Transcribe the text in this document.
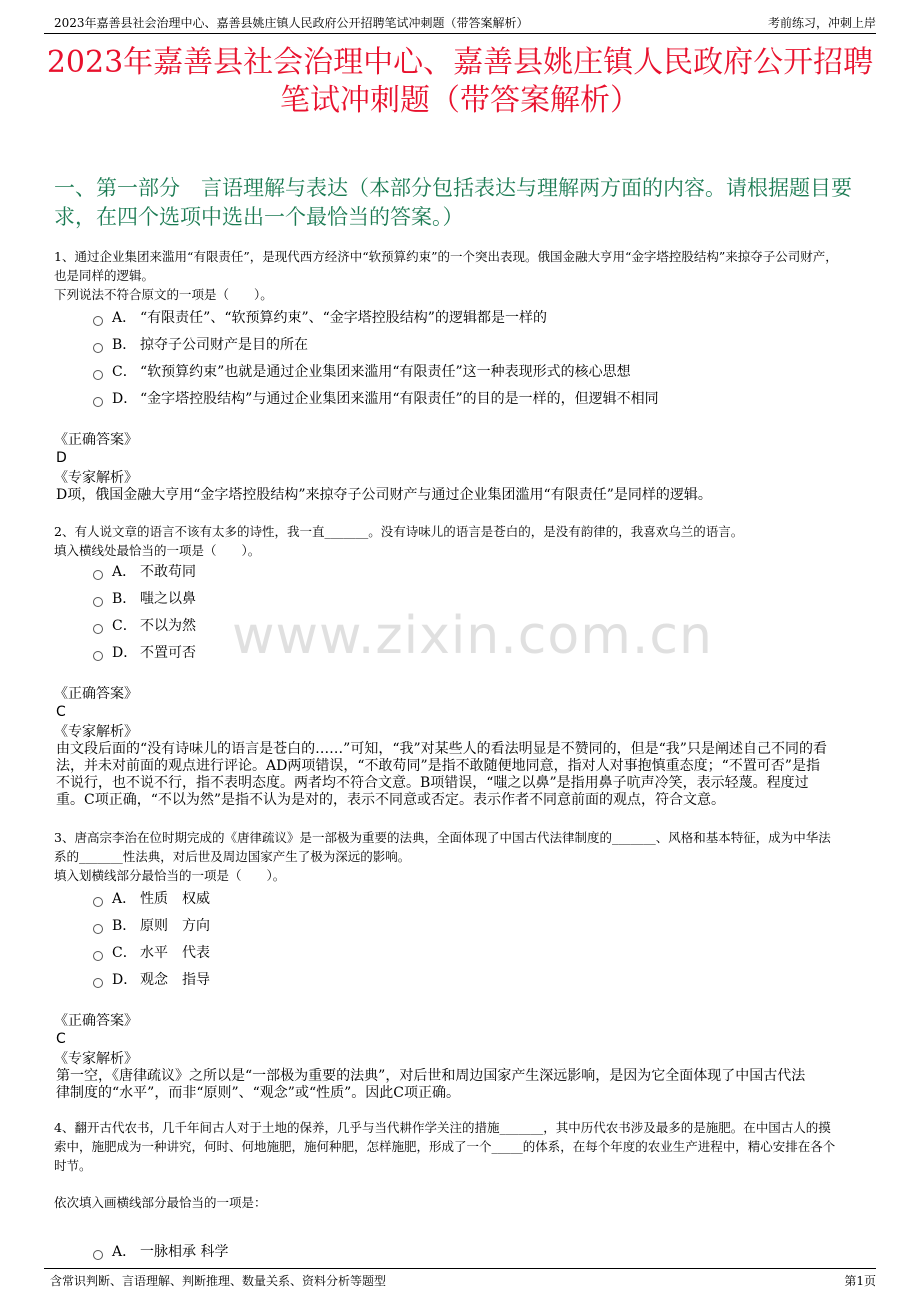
2023年嘉善县社会治理中心、嘉善县姚庄镇人民政府公开招聘笔试冲刺题（带答案解析）	考前练习，冲刺上岸
2023年嘉善县社会治理中心、嘉善县姚庄镇人民政府公开招聘
笔试冲刺题（带答案解析）
一、第一部分　言语理解与表达（本部分包括表达与理解两方面的内容。请根据题目要求，在四个选项中选出一个最恰当的答案。）
www.zixin.com.cn
1、通过企业集团来滥用“有限责任”，是现代西方经济中“软预算约束”的一个突出表现。俄国金融大亨用“金字塔控股结构”来掠夺子公司财产，
也是同样的逻辑。
下列说法不符合原文的一项是（　　）。
A． “有限责任”、“软预算约束”、“金字塔控股结构”的逻辑都是一样的
B． 掠夺子公司财产是目的所在
C． “软预算约束”也就是通过企业集团来滥用“有限责任”这一种表现形式的核心思想
D． “金字塔控股结构”与通过企业集团来滥用“有限责任”的目的是一样的，但逻辑不相同
《正确答案》
D
《专家解析》
D项，俄国金融大亨用“金字塔控股结构”来掠夺子公司财产与通过企业集团滥用“有限责任”是同样的逻辑。
2、有人说文章的语言不该有太多的诗性，我一直_______。没有诗味儿的语言是苍白的，是没有韵律的，我喜欢乌兰的语言。
填入横线处最恰当的一项是（　　）。
A． 不敢苟同
B． 嗤之以鼻
C． 不以为然
D． 不置可否
《正确答案》
C
《专家解析》
由文段后面的“没有诗味儿的语言是苍白的……”可知，“我”对某些人的看法明显是不赞同的，但是“我”只是阐述自己不同的看
法，并未对前面的观点进行评论。AD两项错误，“不敢苟同”是指不敢随便地同意，指对人对事抱慎重态度；“不置可否”是指
不说行，也不说不行，指不表明态度。两者均不符合文意。B项错误，“嗤之以鼻”是指用鼻子吭声冷笑，表示轻蔑。程度过
重。C项正确，“不以为然”是指不认为是对的，表示不同意或否定。表示作者不同意前面的观点，符合文意。
3、唐高宗李治在位时期完成的《唐律疏议》是一部极为重要的法典，全面体现了中国古代法律制度的_______、风格和基本特征，成为中华法
系的_______性法典，对后世及周边国家产生了极为深远的影响。
填入划横线部分最恰当的一项是（　　）。
A． 性质　权威
B． 原则　方向
C． 水平　代表
D． 观念　指导
《正确答案》
C
《专家解析》
第一空，《唐律疏议》之所以是“一部极为重要的法典”，对后世和周边国家产生深远影响，是因为它全面体现了中国古代法
律制度的“水平”，而非“原则”、“观念”或“性质”。因此C项正确。
4、翻开古代农书，几千年间古人对于土地的保养，几乎与当代耕作学关注的措施_______，其中历代农书涉及最多的是施肥。在中国古人的摸
索中，施肥成为一种讲究，何时、何地施肥，施何种肥，怎样施肥，形成了一个_____的体系，在每个年度的农业生产进程中，精心安排在各个
时节。
依次填入画横线部分最恰当的一项是：
A． 一脉相承 科学
含常识判断、言语理解、判断推理、数量关系、资料分析等题型	第1页
